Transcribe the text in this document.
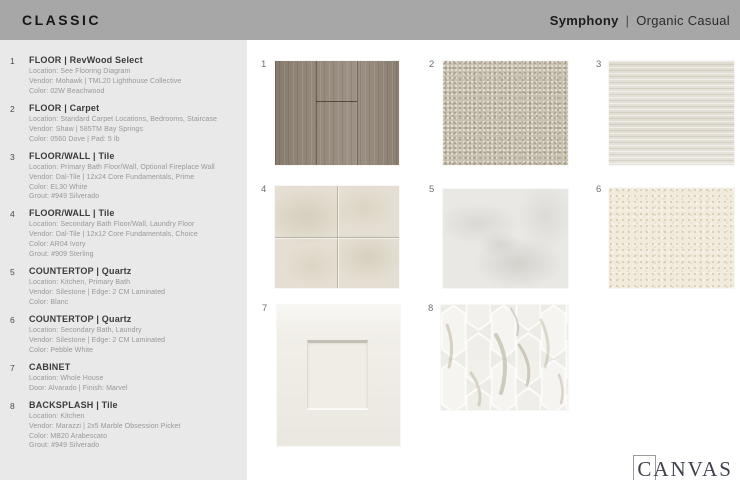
CLASSIC	Symphony | Organic Casual
1	FLOOR | RevWood Select
Location: See Flooring Diagram
Vendor: Mohawk | TML20 Lighthouse Collective
Color: 02W Beachwood
2	FLOOR | Carpet
Location: Standard Carpet Locations, Bedrooms, Staircase
Vendor: Shaw | 585TM Bay Springs
Color: 0560 Dove | Pad: 5 lb
3	FLOOR/WALL | Tile
Location: Primary Bath Floor/Wall, Optional Fireplace Wall
Vendor: Dal-Tile | 12x24 Core Fundamentals, Prime
Color: EL30 White
Grout: #949 Silverado
4	FLOOR/WALL | Tile
Location: Secondary Bath Floor/Wall, Laundry Floor
Vendor: Dal-Tile | 12x12 Core Fundamentals, Choice
Color: AR04 Ivory
Grout: #909 Sterling
5	COUNTERTOP | Quartz
Location: Kitchen, Primary Bath
Vendor: Silestone | Edge: 2 CM Laminated
Color: Blanc
6	COUNTERTOP | Quartz
Location: Secondary Bath, Laundry
Vendor: Silestone | Edge: 2 CM Laminated
Color: Pebble White
7	CABINET
Location: Whole House
Door: Alvarado | Finish: Marvel
8	BACKSPLASH | Tile
Location: Kitchen
Vendor: Marazzi | 2x5 Marble Obsession Picket
Color: MB20 Arabescato
Grout: #949 Silverado
1	2	3
4	5	6
7	8
CANVAS
